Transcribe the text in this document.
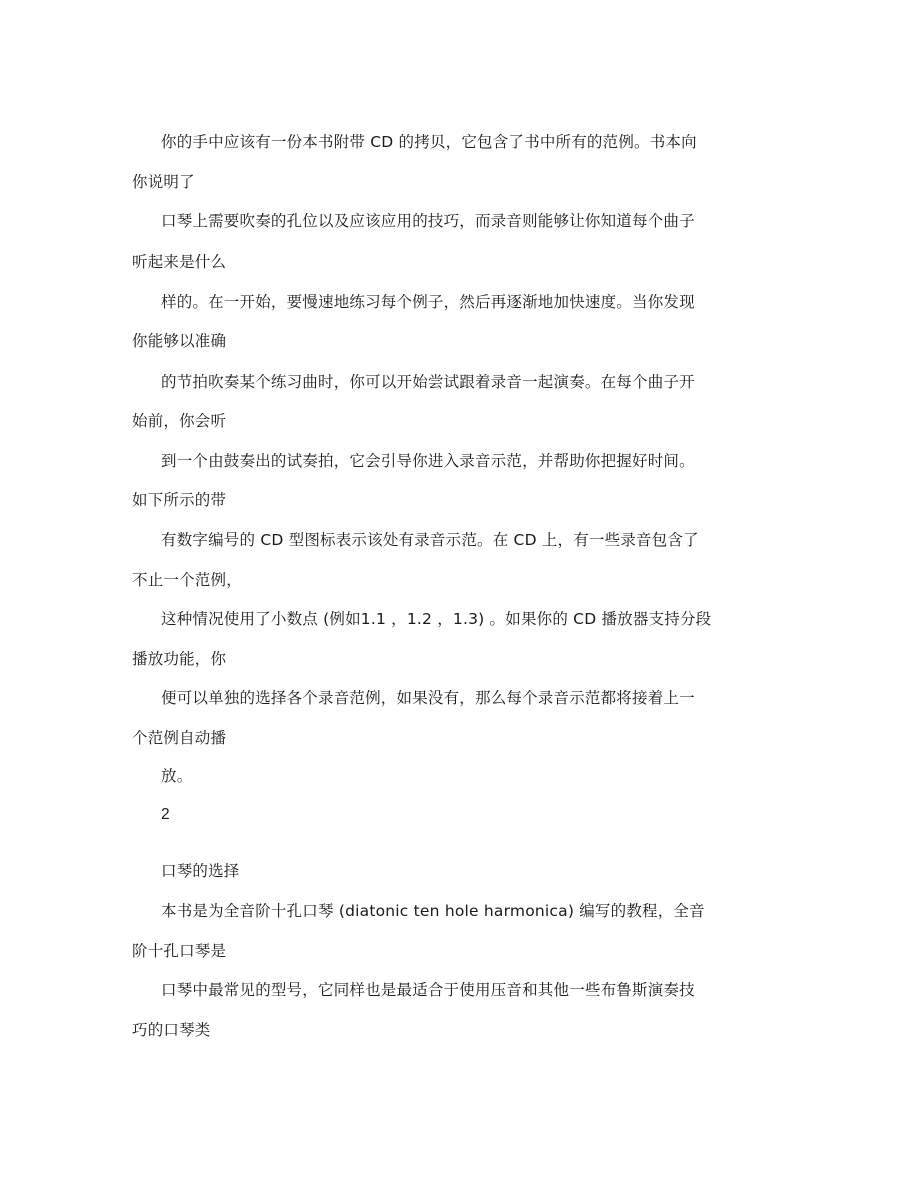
你的手中应该有一份本书附带 CD 的拷贝，它包含了书中所有的范例。书本向
你说明了
口琴上需要吹奏的孔位以及应该应用的技巧，而录音则能够让你知道每个曲子
听起来是什么
样的。在一开始，要慢速地练习每个例子，然后再逐渐地加快速度。当你发现
你能够以准确
的节拍吹奏某个练习曲时，你可以开始尝试跟着录音一起演奏。在每个曲子开
始前，你会听
到一个由鼓奏出的试奏拍，它会引导你进入录音示范，并帮助你把握好时间。
如下所示的带
有数字编号的 CD 型图标表示该处有录音示范。在 CD 上，有一些录音包含了
不止一个范例，
这种情况使用了小数点 (例如1.1 ，1.2 ，1.3) 。如果你的 CD 播放器支持分段
播放功能，你
便可以单独的选择各个录音范例，如果没有，那么每个录音示范都将接着上一
个范例自动播
放。
2
口琴的选择
本书是为全音阶十孔口琴 (diatonic ten hole harmonica) 编写的教程，全音
阶十孔口琴是
口琴中最常见的型号，它同样也是最适合于使用压音和其他一些布鲁斯演奏技
巧的口琴类
